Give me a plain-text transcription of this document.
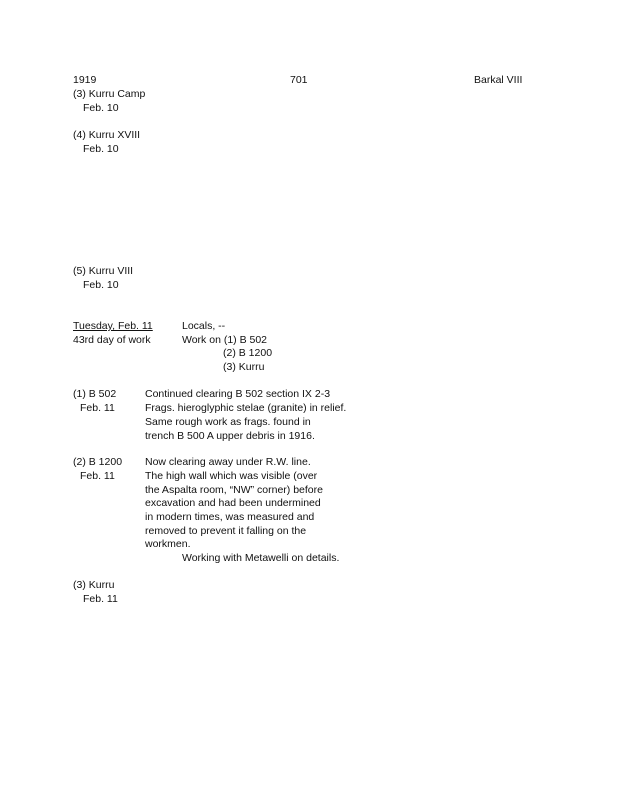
1919	701	Barkal VIII
(3) Kurru Camp
Feb. 10
(4) Kurru XVIII
Feb. 10
(5) Kurru VIII
Feb. 10
Tuesday, Feb. 11
43rd day of work
Locals, --
Work on (1) B 502
(2) B 1200
(3) Kurru
(1) B 502
Feb. 11
Continued clearing B 502 section IX 2-3
Frags. hieroglyphic stelae (granite) in relief.
Same rough work as frags. found in
trench B 500 A upper debris in 1916.
(2) B 1200
Feb. 11
Now clearing away under R.W. line.
The high wall which was visible (over
the Aspalta room, “NW” corner) before
excavation and had been undermined
in modern times, was measured and
removed to prevent it falling on the
workmen.
Working with Metawelli on details.
(3) Kurru
Feb. 11
